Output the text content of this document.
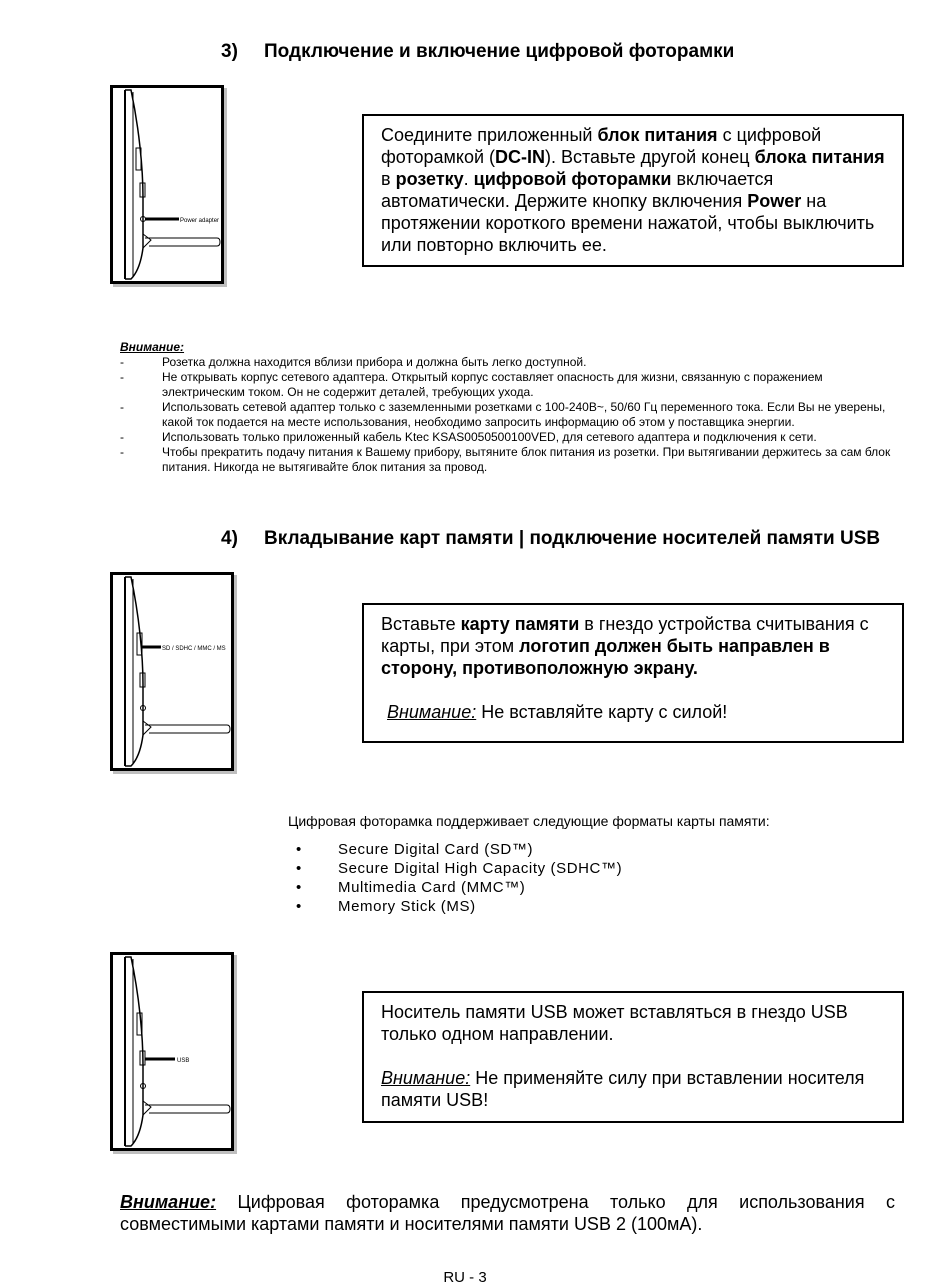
3) Подключение и включение цифровой фоторамки
Power adapter

Соедините приложенный блок питания с цифровой фоторамкой (DC-IN). Вставьте другой конец блока питания в розетку. цифровой фоторамки включается автоматически. Держите кнопку включения Power на протяжении короткого времени нажатой, чтобы выключить или повторно включить ее.

Внимание:
-	Розетка должна находится вблизи прибора и должна быть легко доступной.
-	Не открывать корпус сетевого адаптера. Открытый корпус составляет опасность для жизни, связанную с поражением электрическим током. Он не содержит деталей, требующих ухода.
-	Использовать сетевой адаптер только с заземленными розетками с 100-240В~, 50/60 Гц переменного тока. Если Вы не уверены, какой ток подается на месте использования, необходимо запросить информацию об этом у поставщика энергии.
-	Использовать только приложенный кабель Ktec KSAS0050500100VED, для сетевого адаптера и подключения к сети.
-	Чтобы прекратить подачу питания к Вашему прибору, вытяните блок питания из розетки. При вытягивании держитесь за сам блок питания. Никогда не вытягивайте блок питания за провод.
4) Вкладывание карт памяти | подключение носителей памяти USB
SD / SDHC / MMC / MS

Вставьте карту памяти в гнездо устройства считывания с карты, при этом логотип должен быть направлен в сторону, противоположную экрану.

Внимание: Не вставляйте карту с силой!

Цифровая фоторамка поддерживает следующие форматы карты памяти:
• Secure Digital Card (SD™)
• Secure Digital High Capacity (SDHC™)
• Multimedia Card (MMC™)
• Memory Stick (MS)
USB

Носитель памяти USB может вставляться в гнездо USB только одном направлении.

Внимание: Не применяйте силу при вставлении носителя памяти USB!

Внимание: Цифровая фоторамка предусмотрена только для использования с совместимыми картами памяти и носителями памяти USB 2 (100мА).
RU - 3
